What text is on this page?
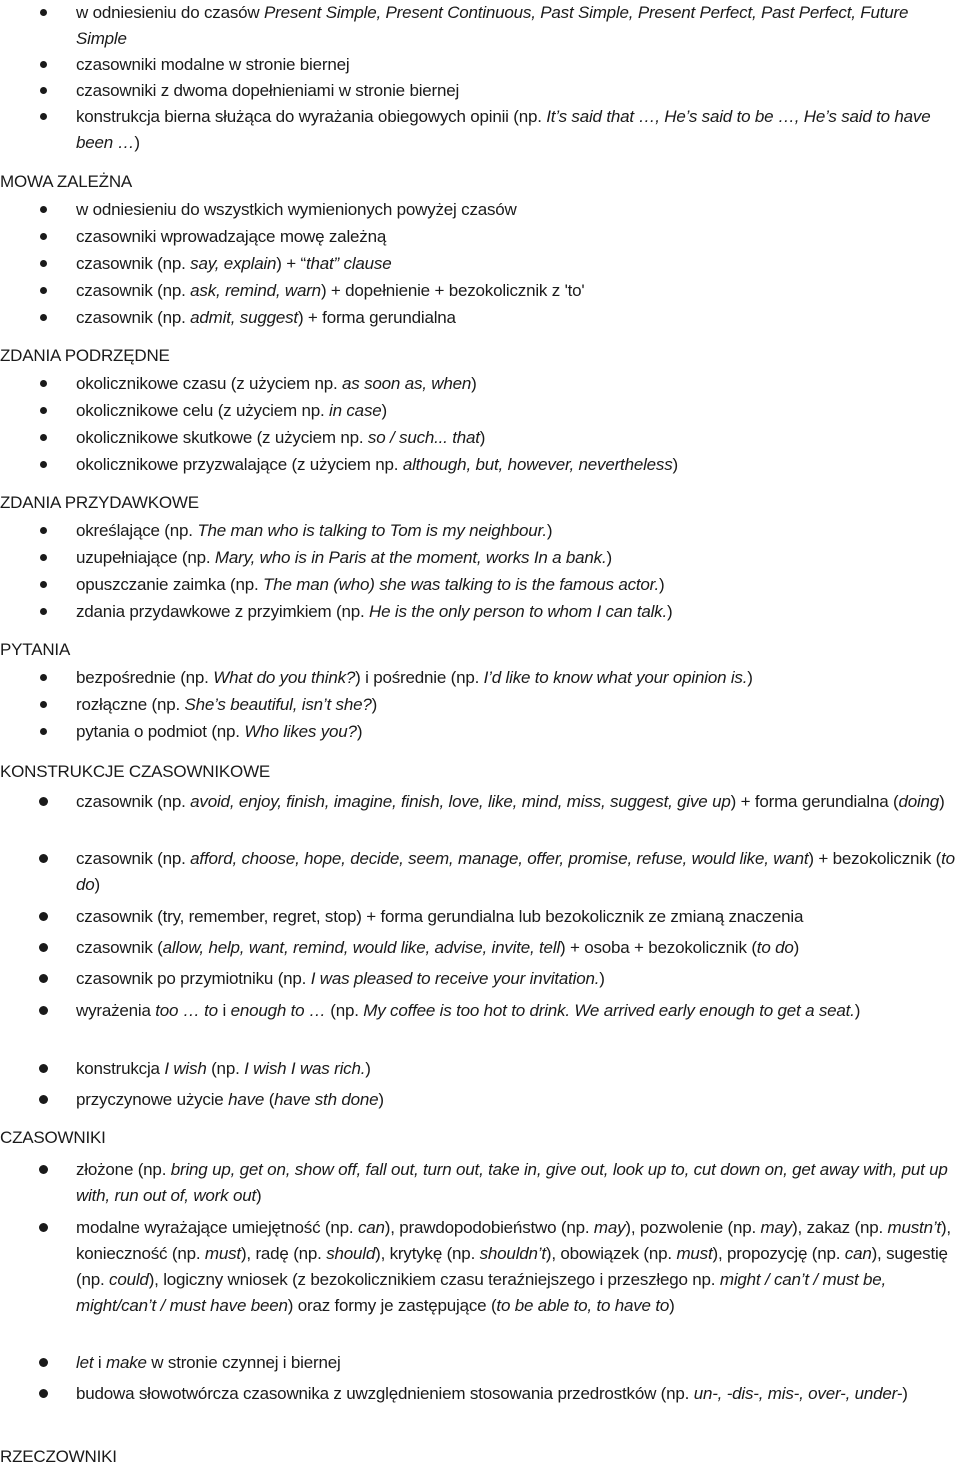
w odniesieniu do czasów Present Simple, Present Continuous, Past Simple, Present Perfect, Past Perfect, Future Simple
czasowniki modalne w stronie biernej
czasowniki z dwoma dopełnieniami w stronie biernej
konstrukcja bierna służąca do wyrażania obiegowych opinii (np. It’s said that …, He’s said to be …, He’s said to have been …)
MOWA ZALEŻNA
w odniesieniu do wszystkich wymienionych powyżej czasów
czasowniki wprowadzające mowę zależną
czasownik (np. say, explain) + “that” clause
czasownik (np. ask, remind, warn) + dopełnienie + bezokolicznik z 'to'
czasownik (np. admit, suggest) + forma gerundialna
ZDANIA PODRZĘDNE
okolicznikowe czasu (z użyciem np. as soon as, when)
okolicznikowe celu (z użyciem np. in case)
okolicznikowe skutkowe (z użyciem np. so / such... that)
okolicznikowe przyzwalające (z użyciem np. although, but, however, nevertheless)
ZDANIA PRZYDAWKOWE
określające (np. The man who is talking to Tom is my neighbour.)
uzupełniające (np. Mary, who is in Paris at the moment, works In a bank.)
opuszczanie zaimka (np. The man (who) she was talking to is the famous actor.)
zdania przydawkowe z przyimkiem (np. He is the only person to whom I can talk.)
PYTANIA
bezpośrednie (np. What do you think?) i pośrednie (np. I’d like to know what your opinion is.)
rozłączne (np. She’s beautiful, isn’t she?)
pytania o podmiot (np. Who likes you?)
KONSTRUKCJE CZASOWNIKOWE
czasownik (np. avoid, enjoy, finish, imagine, finish, love, like, mind, miss, suggest, give up) + forma gerundialna (doing)
czasownik (np. afford, choose, hope, decide, seem, manage, offer, promise, refuse, would like, want) + bezokolicznik (to do)
czasownik (try, remember, regret, stop) + forma gerundialna lub bezokolicznik ze zmianą znaczenia
czasownik (allow, help, want, remind, would like, advise, invite, tell) + osoba + bezokolicznik (to do)
czasownik po przymiotniku (np. I was pleased to receive your invitation.)
wyrażenia too … to i enough to … (np. My coffee is too hot to drink. We arrived early enough to get a seat.)
konstrukcja I wish (np. I wish I was rich.)
przyczynowe użycie have (have sth done)
CZASOWNIKI
złożone (np. bring up, get on, show off, fall out, turn out, take in, give out, look up to, cut down on, get away with, put up with, run out of, work out)
modalne wyrażające umiejętność (np. can), prawdopodobieństwo (np. may), pozwolenie (np. may), zakaz (np. mustn’t), konieczność (np. must), radę (np. should), krytykę (np. shouldn’t), obowiązek (np. must), propozycję (np. can), sugestię (np. could), logiczny wniosek (z bezokolicznikiem czasu teraźniejszego i przeszłego np. might / can’t / must be, might/can’t / must have been) oraz formy je zastępujące (to be able to, to have to)
let i make w stronie czynnej i biernej
budowa słowotwórcza czasownika z uwzględnieniem stosowania przedrostków (np. un-, -dis-, mis-, over-, under-)
RZECZOWNIKI
